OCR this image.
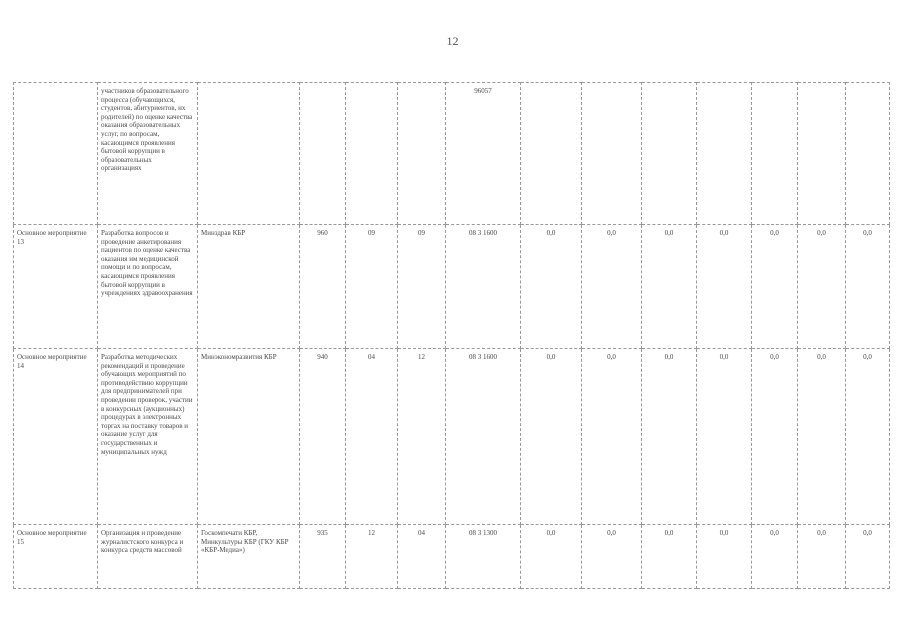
12
	участников образовательного процесса (обучающихся, студентов, абитуриентов, их родителей) по оценке качества оказания образовательных услуг, по вопросам, касающимся проявления бытовой коррупции в образовательных организациях					96057							
Основное мероприятие 13	Разработка вопросов и проведение анкетирования пациентов по оценке качества оказания им медицинской помощи и по вопросам, касающимся проявления бытовой коррупции в учреждениях здравоохранения	Минздрав КБР	960	09	09	08 3 1600	0,0	0,0	0,0	0,0	0,0	0,0	0,0
Основное мероприятие 14	Разработка методических рекомендаций и проведение обучающих мероприятий по противодействию коррупции для предпринимателей при проведении проверок, участии в конкурсных (аукционных) процедурах в электронных торгах на поставку товаров и оказание услуг для государственных и муниципальных нужд	Минэкономразвития КБР	940	04	12	08 3 1600	0,0	0,0	0,0	0,0	0,0	0,0	0,0
Основное мероприятие 15	Организация и проведение журналистского конкурса и конкурса средств массовой	Госкомпечати КБР, Минкультуры КБР (ГКУ КБР «КБР-Медиа»)	935	12	04	08 3 1300	0,0	0,0	0,0	0,0	0,0	0,0	0,0
